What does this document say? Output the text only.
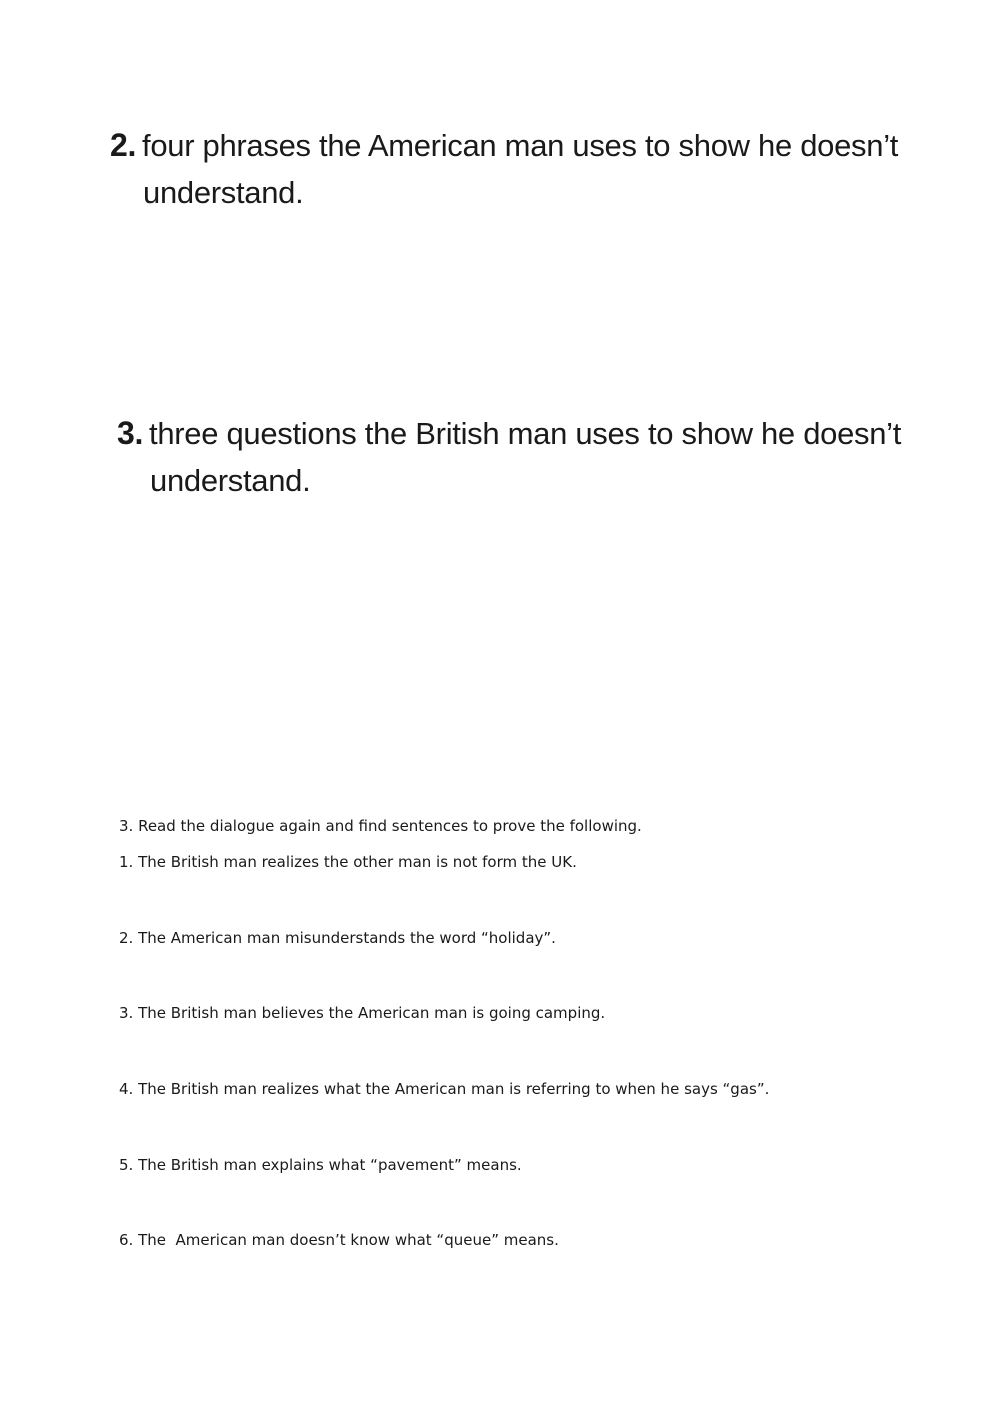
2. four phrases the American man uses to show he doesn’t
understand.
3. three questions the British man uses to show he doesn’t
understand.
3. Read the dialogue again and find sentences to prove the following.
1. The British man realizes the other man is not form the UK.
2. The American man misunderstands the word “holiday”.
3. The British man believes the American man is going camping.
4. The British man realizes what the American man is referring to when he says “gas”.
5. The British man explains what “pavement” means.
6. The  American man doesn’t know what “queue” means.
